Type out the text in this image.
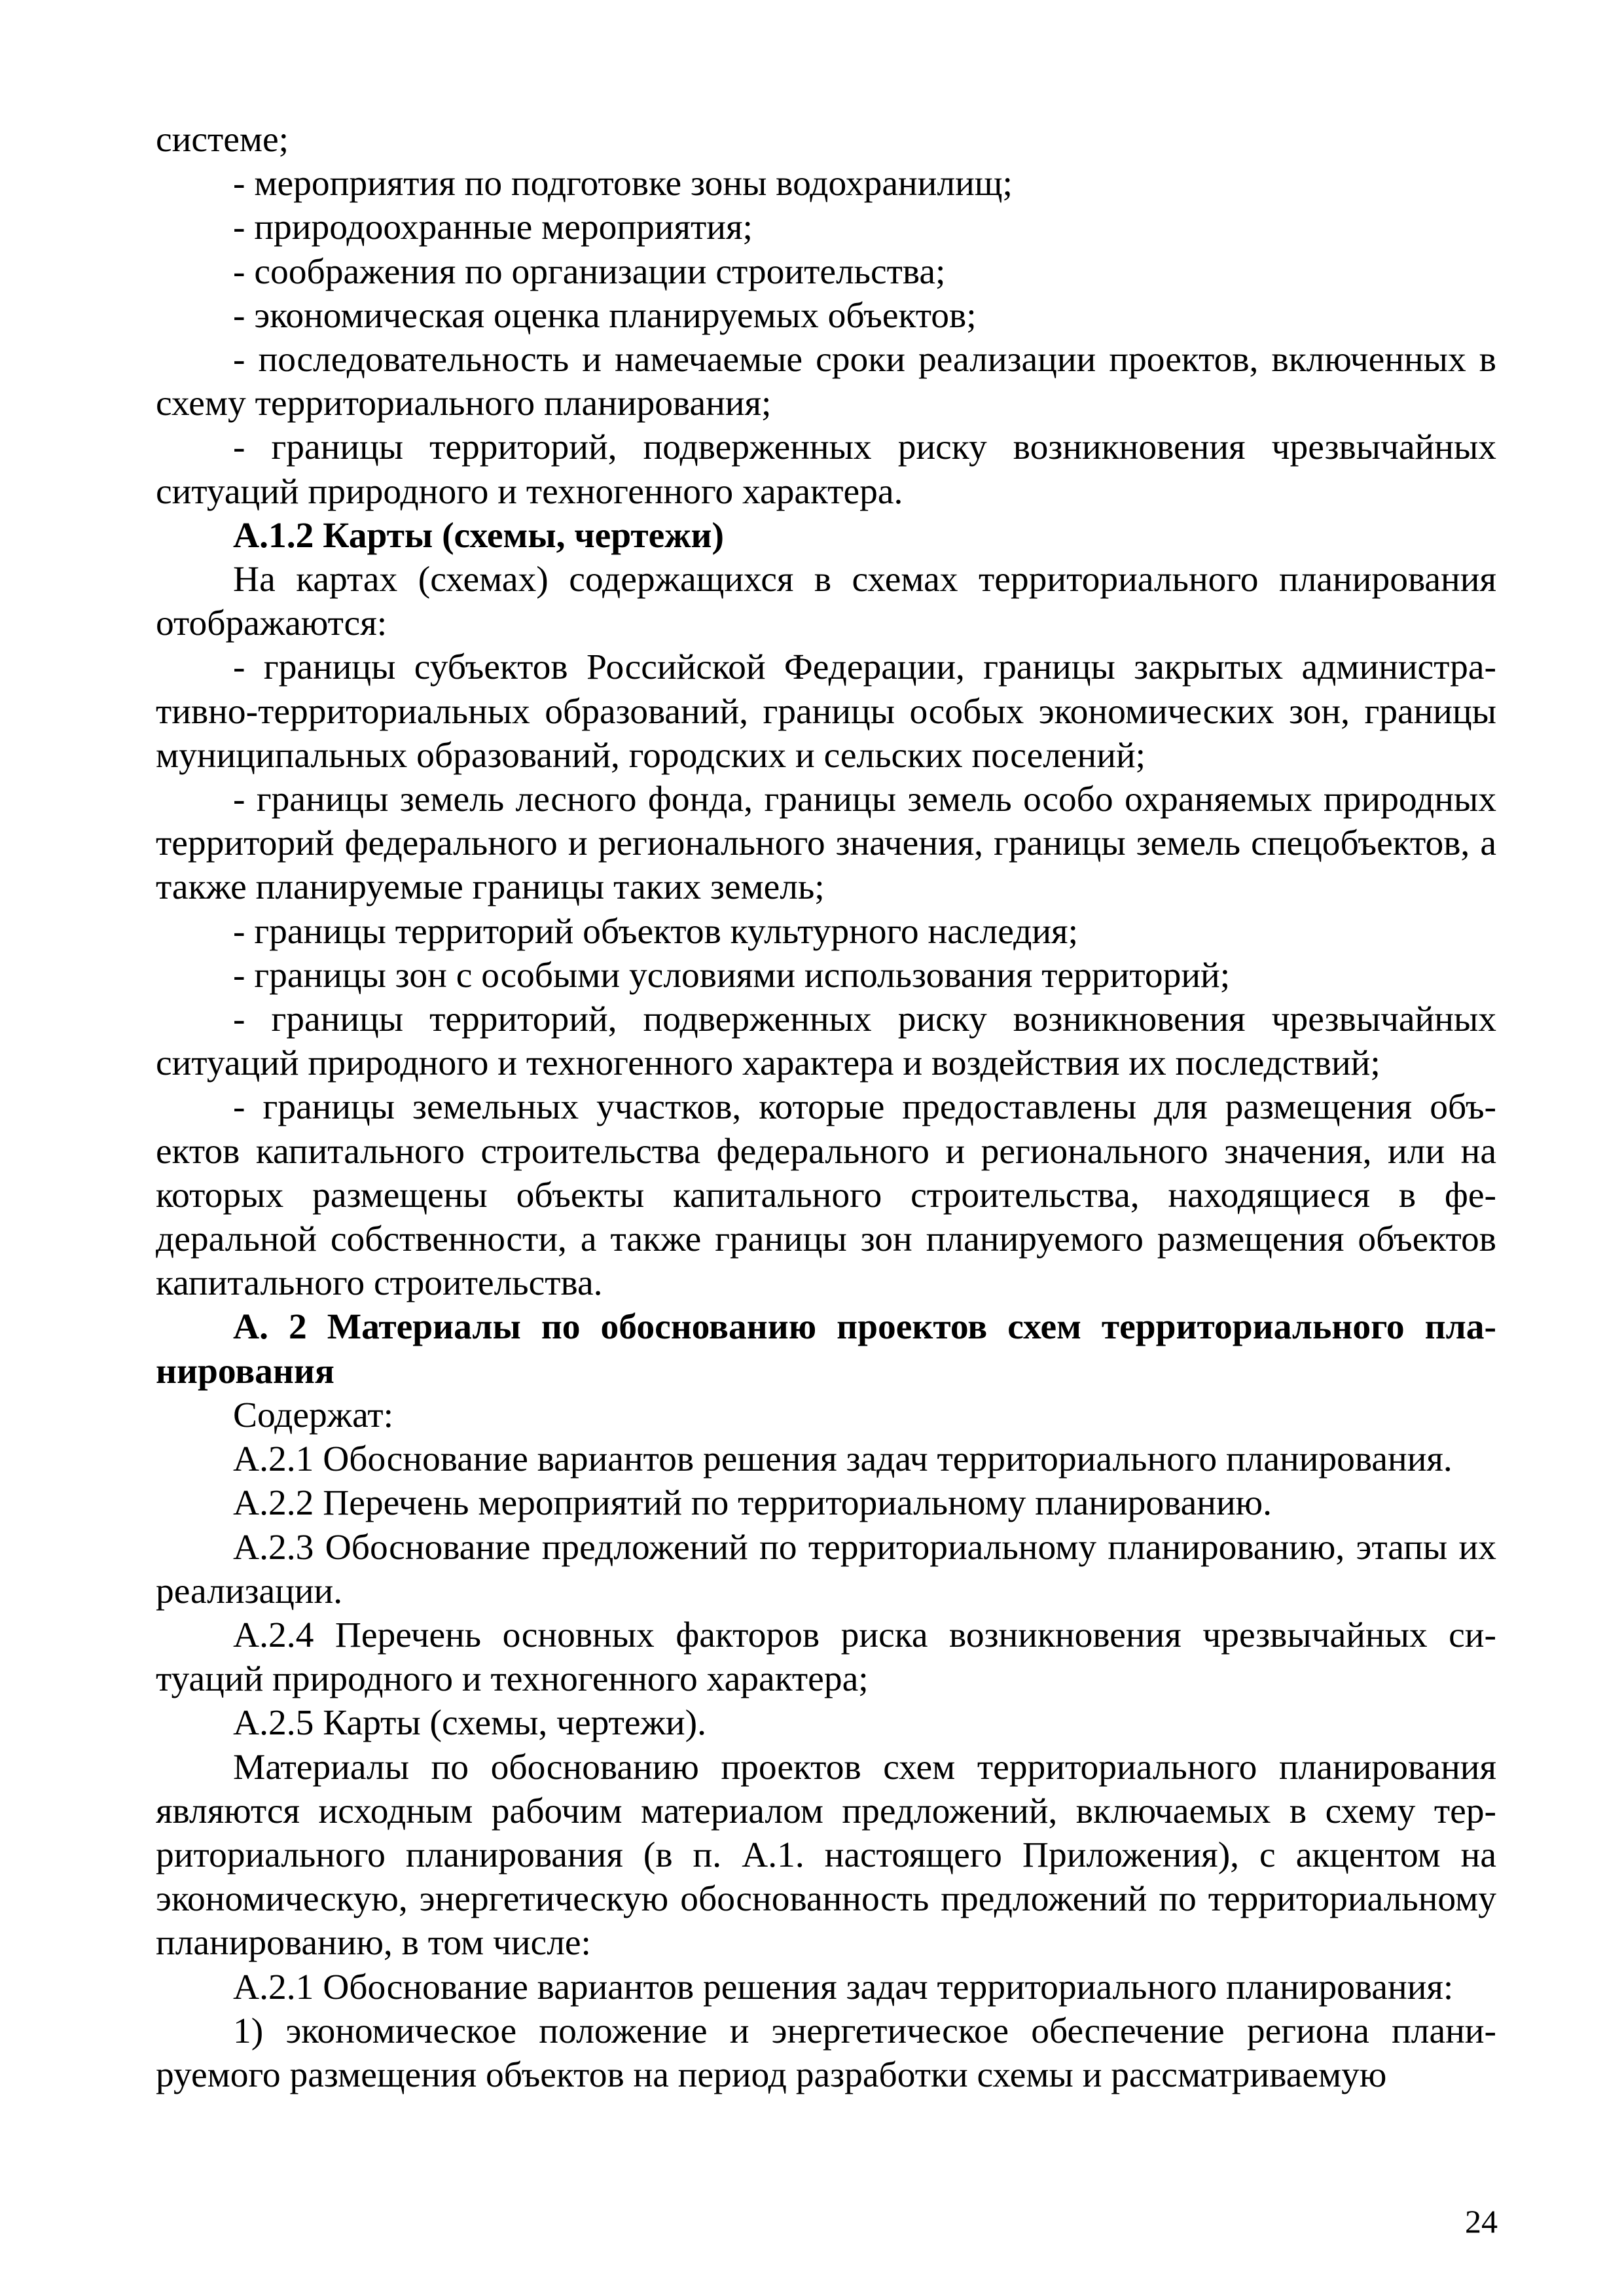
системе;

- мероприятия по подготовке зоны водохранилищ;

- природоохранные мероприятия;

- соображения по организации строительства;

- экономическая оценка планируемых объектов;

- последовательность и намечаемые сроки реализации проектов, включенных в схему территориального планирования;

- границы территорий, подверженных риску возникновения чрезвычайных ситуаций природного и техногенного характера.

А.1.2 Карты (схемы, чертежи)

На картах (схемах) содержащихся в схемах территориального планирования отображаются:

- границы субъектов Российской Федерации, границы закрытых административно-территориальных образований, границы особых экономических зон, границы муниципальных образований, городских и сельских поселений;

- границы земель лесного фонда, границы земель особо охраняемых природных территорий федерального и регионального значения, границы земель спецобъектов, а также планируемые границы таких земель;

- границы территорий объектов культурного наследия;

- границы зон с особыми условиями использования территорий;

- границы территорий, подверженных риску возникновения чрезвычайных ситуаций природного и техногенного характера и воздействия их последствий;

- границы земельных участков, которые предоставлены для размещения объектов капитального строительства федерального и регионального значения, или на которых размещены объекты капитального строительства, находящиеся в федеральной собственности, а также границы зон планируемого размещения объектов капитального строительства.

А. 2 Материалы по обоснованию проектов схем территориального планирования

Содержат:

А.2.1 Обоснование вариантов решения задач территориального планирования.

А.2.2 Перечень мероприятий по территориальному планированию.

А.2.3 Обоснование предложений по территориальному планированию, этапы их реализации.

А.2.4 Перечень основных факторов риска возникновения чрезвычайных ситуаций природного и техногенного характера;

А.2.5 Карты (схемы, чертежи).

Материалы по обоснованию проектов схем территориального планирования являются исходным рабочим материалом предложений, включаемых в схему территориального планирования (в п. А.1. настоящего Приложения), с акцентом на экономическую, энергетическую обоснованность предложений по территориальному планированию, в том числе:

А.2.1 Обоснование вариантов решения задач территориального планирования:

1) экономическое положение и энергетическое обеспечение региона планируемого размещения объектов на период разработки схемы и рассматриваемую

24
